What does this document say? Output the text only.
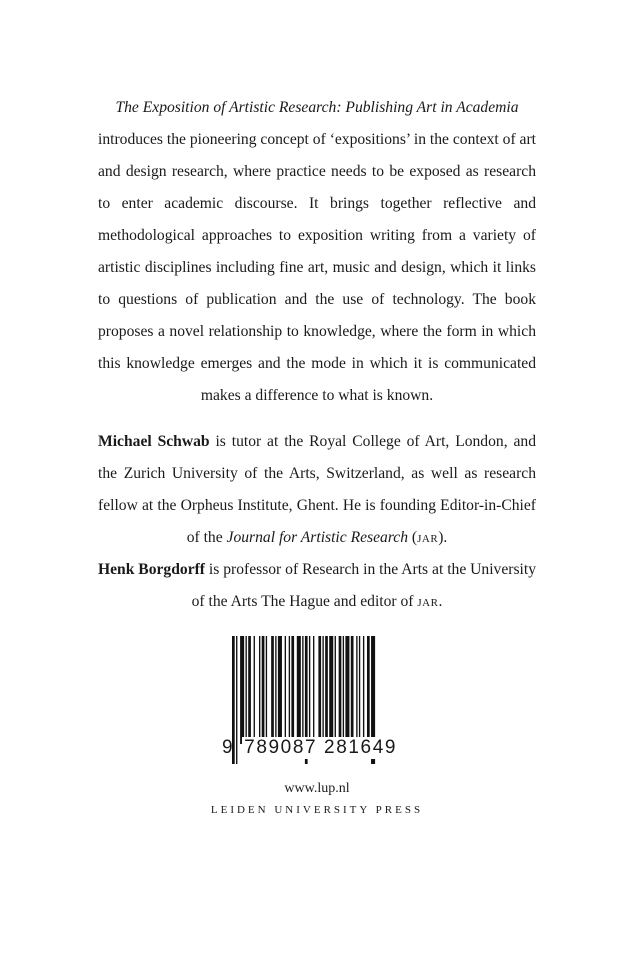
The Exposition of Artistic Research: Publishing Art in Academia
introduces the pioneering concept of ‘expositions’ in the context of art and design research, where practice needs to be exposed as research to enter academic discourse. It brings together reflective and methodological approaches to exposition writing from a variety of artistic disciplines including fine art, music and design, which it links to questions of publication and the use of technology. The book proposes a novel relationship to knowledge, where the form in which this knowledge emerges and the mode in which it is communicated makes a difference to what is known.

Michael Schwab is tutor at the Royal College of Art, London, and the Zurich University of the Arts, Switzerland, as well as research fellow at the Orpheus Institute, Ghent. He is founding Editor-in-Chief of the Journal for Artistic Research (jar).

Henk Borgdorff is professor of Research in the Arts at the University of the Arts The Hague and editor of jar.

9 789087 281649
www.lup.nl
LEIDEN UNIVERSITY PRESS
